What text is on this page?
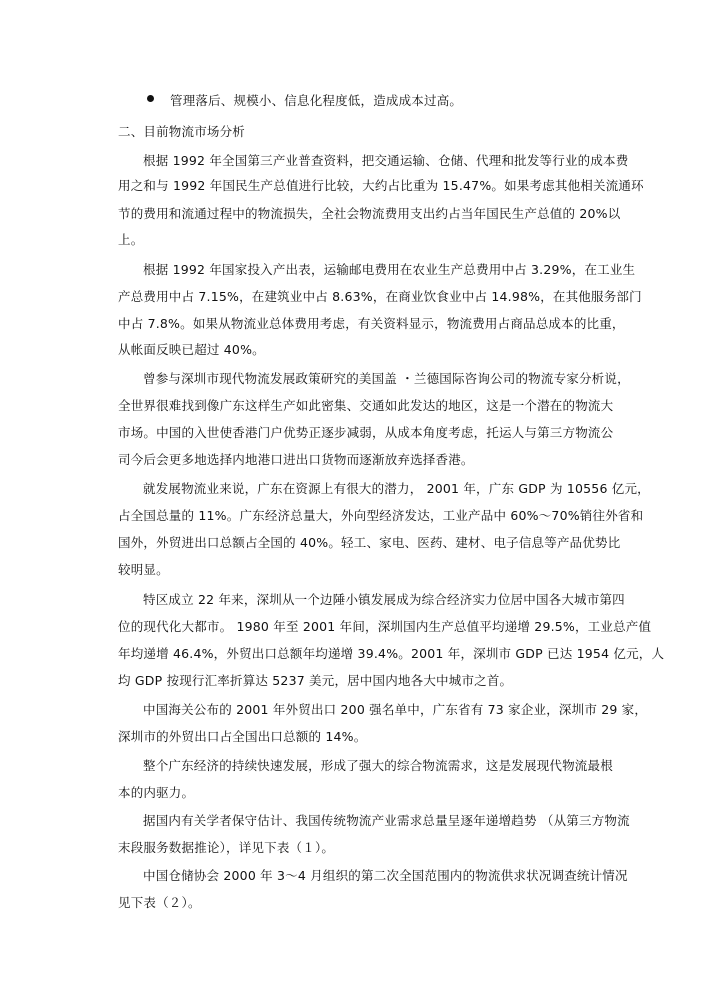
管理落后、规模小、信息化程度低，造成成本过高。
二、目前物流市场分析
根据 1992 年全国第三产业普查资料，把交通运输、仓储、代理和批发等行业的成本费
用之和与 1992 年国民生产总值进行比较，大约占比重为 15.47%。如果考虑其他相关流通环
节的费用和流通过程中的物流损失，全社会物流费用支出约占当年国民生产总值的 20%以
上。
根据 1992 年国家投入产出表，运输邮电费用在农业生产总费用中占 3.29%，在工业生
产总费用中占 7.15%，在建筑业中占 8.63%，在商业饮食业中占 14.98%，在其他服务部门
中占 7.8%。如果从物流业总体费用考虑，有关资料显示，物流费用占商品总成本的比重，
从帐面反映已超过 40%。
曾参与深圳市现代物流发展政策研究的美国盖 ・兰德国际咨询公司的物流专家分析说，
全世界很难找到像广东这样生产如此密集、交通如此发达的地区，这是一个潜在的物流大
市场。中国的入世使香港门户优势正逐步减弱，从成本角度考虑，托运人与第三方物流公
司今后会更多地选择内地港口进出口货物而逐渐放弃选择香港。
就发展物流业来说，广东在资源上有很大的潜力， 2001 年，广东 GDP 为 10556 亿元，
占全国总量的 11%。广东经济总量大，外向型经济发达，工业产品中 60%～70%销往外省和
国外，外贸进出口总额占全国的 40%。轻工、家电、医药、建材、电子信息等产品优势比
较明显。
特区成立 22 年来，深圳从一个边陲小镇发展成为综合经济实力位居中国各大城市第四
位的现代化大都市。 1980 年至 2001 年间，深圳国内生产总值平均递增 29.5%，工业总产值
年均递增 46.4%，外贸出口总额年均递增 39.4%。2001 年，深圳市 GDP 已达 1954 亿元，人
均 GDP 按现行汇率折算达 5237 美元，居中国内地各大中城市之首。
中国海关公布的 2001 年外贸出口 200 强名单中，广东省有 73 家企业，深圳市 29 家，
深圳市的外贸出口占全国出口总额的 14%。
整个广东经济的持续快速发展，形成了强大的综合物流需求，这是发展现代物流最根
本的内驱力。
据国内有关学者保守估计、我国传统物流产业需求总量呈逐年递增趋势 （从第三方物流
末段服务数据推论），详见下表（１）。
中国仓储协会 2000 年 3～4 月组织的第二次全国范围内的物流供求状况调查统计情况
见下表（２）。
